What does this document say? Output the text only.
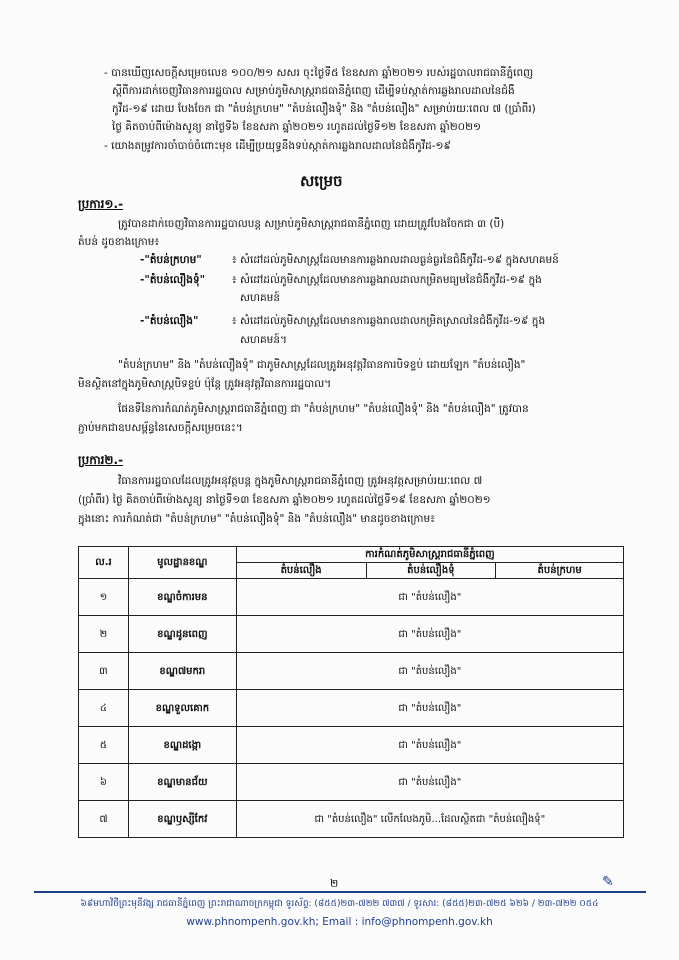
- បានឃើញសេចក្តីសម្រេចលេខ ១០០/២១ សសរ ចុះថ្ងៃទី៥ ខែឧសភា ឆ្នាំ២០២១ របស់រដ្ឋបាលរាជធានីភ្នំពេញ
ស្តីពីការដាក់ចេញវិធានការរដ្ឋបាល សម្រាប់ភូមិសាស្ត្ររាជធានីភ្នំពេញ ដើម្បីទប់ស្កាត់ការឆ្លងរាលដាលនៃជំងឺ
កូវីដ-១៩ ដោយ បែងចែក ជា "តំបន់ក្រហម" "តំបន់លឿងទុំ" និង "តំបន់លឿង" សម្រាប់រយៈពេល ៧ (ប្រាំពីរ)
ថ្ងៃ គិតចាប់ពីម៉ោងសូន្យ នាថ្ងៃទី៦ ខែឧសភា ឆ្នាំ២០២១ រហូតដល់ថ្ងៃទី១២ ខែឧសភា ឆ្នាំ២០២១
- យោងតម្រូវការចាំបាច់ចំពោះមុខ ដើម្បីប្រយុទ្ធនឹងទប់ស្កាត់ការឆ្លងរាលដាលនៃជំងឺកូវីដ-១៩
សម្រេច
ប្រការ១.-
ត្រូវបានដាក់ចេញវិធានការរដ្ឋបាលបន្ត សម្រាប់ភូមិសាស្ត្ររាជធានីភ្នំពេញ ដោយត្រូវបែងចែកជា ៣ (បី)
តំបន់ ដូចខាងក្រោម៖
-"តំបន់ក្រហម"	៖ សំដៅដល់ភូមិសាស្ត្រដែលមានការឆ្លងរាលដាលធ្ងន់ធ្ងរនៃជំងឺកូវីដ-១៩ ក្នុងសហគមន៍
-"តំបន់លឿងទុំ"	៖ សំដៅដល់ភូមិសាស្ត្រដែលមានការឆ្លងរាលដាលកម្រិតមធ្យមនៃជំងឺកូវីដ-១៩ ក្នុង
សហគមន៍
-"តំបន់លឿង"	៖ សំដៅដល់ភូមិសាស្ត្រដែលមានការឆ្លងរាលដាលកម្រិតស្រាលនៃជំងឺកូវីដ-១៩ ក្នុង
សហគមន៍។
"តំបន់ក្រហម" និង "តំបន់លឿងទុំ" ជាភូមិសាស្ត្រដែលត្រូវអនុវត្តវិធានការបិទខ្ទប់ ដោយឡែក "តំបន់លឿង"
មិនស្ថិតនៅក្នុងភូមិសាស្ត្របិទខ្ទប់ ប៉ុន្តែ ត្រូវអនុវត្តវិធានការរដ្ឋបាល។
ផែនទីនៃការកំណត់ភូមិសាស្ត្ររាជធានីភ្នំពេញ ជា "តំបន់ក្រហម" "តំបន់លឿងទុំ" និង "តំបន់លឿង" ត្រូវបាន
ភ្ជាប់មកជាឧបសម្ព័ន្ធនៃសេចក្តីសម្រេចនេះ។
ប្រការ២.-
វិធានការរដ្ឋបាលដែលត្រូវអនុវត្តបន្ត ក្នុងភូមិសាស្ត្ររាជធានីភ្នំពេញ ត្រូវអនុវត្តសម្រាប់រយៈពេល ៧
(ប្រាំពីរ) ថ្ងៃ គិតចាប់ពីម៉ោងសូន្យ នាថ្ងៃទី១៣ ខែឧសភា ឆ្នាំ២០២១ រហូតដល់ថ្ងៃទី១៩ ខែឧសភា ឆ្នាំ២០២១
ក្នុងនោះ ការកំណត់ជា "តំបន់ក្រហម" "តំបន់លឿងទុំ" និង "តំបន់លឿង" មានដូចខាងក្រោម៖
ល.រ	មូលដ្ឋានខណ្ឌ	ការកំណត់ភូមិសាស្ត្ររាជធានីភ្នំពេញ		
		តំបន់លឿង	តំបន់លឿងទុំ	តំបន់ក្រហម
១	ខណ្ឌចំការមន	ជា "តំបន់លឿង"		
២	ខណ្ឌដូនពេញ	ជា "តំបន់លឿង"		
៣	ខណ្ឌ៧មករា	ជា "តំបន់លឿង"		
៤	ខណ្ឌទួលគោក	ជា "តំបន់លឿង"		
៥	ខណ្ឌដង្កោ	ជា "តំបន់លឿង"		
៦	ខណ្ឌមានជ័យ	ជា "តំបន់លឿង"		
៧	ខណ្ឌឫស្សីកែវ	ជា "តំបន់លឿង" លើកលែងភូមិ...ដែលស្ថិតជា "តំបន់លឿងទុំ"		
២	✎
៦៩មហាវិថីព្រះមុនីវង្ស រាជធានីភ្នំពេញ ព្រះរាជាណាចក្រកម្ពុជា ទូរស័ព្ទ: (៨៥៥)២៣-៧២២ ៧៣៧ / ទូរសារ: (៨៥៥)២៣-៧២៥ ៦២៦ / ២៣-៧២២ ០៥៤
www.phnompenh.gov.kh; Email : info@phnompenh.gov.kh
